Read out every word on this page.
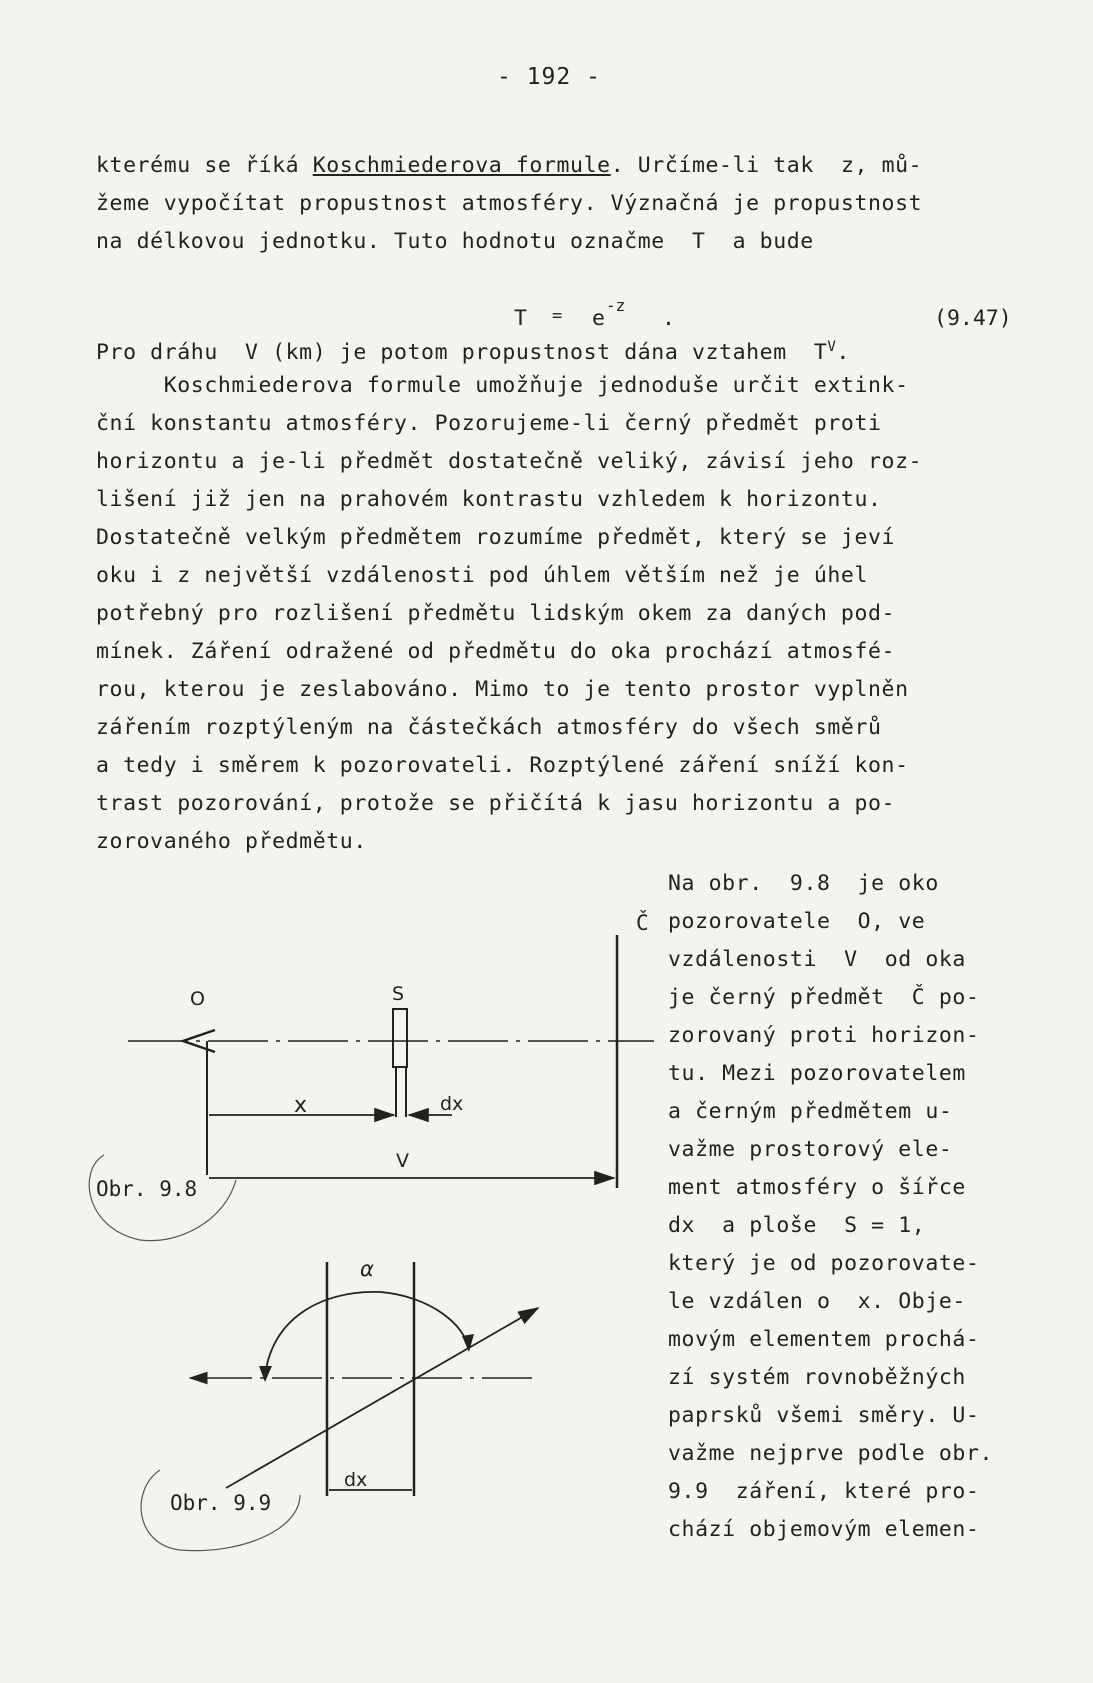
- 192 -
kterému se říká Koschmiederova formule. Určíme-li tak  z, mů-
žeme vypočítat propustnost atmosféry. Význačná je propustnost
na délkovou jednotku. Tuto hodnotu označme  T  a bude
T = e
-z
.	(9.47)
Pro dráhu  V (km) je potom propustnost dána vztahem  $T^V$.
Koschmiederova formule umožňuje jednoduše určit extink-
ční konstantu atmosféry. Pozorujeme-li černý předmět proti
horizontu a je-li předmět dostatečně veliký, závisí jeho roz-
lišení již jen na prahovém kontrastu vzhledem k horizontu.
Dostatečně velkým předmětem rozumíme předmět, který se jeví
oku i z největší vzdálenosti pod úhlem větším než je úhel
potřebný pro rozlišení předmětu lidským okem za daných pod-
mínek. Záření odražené od předmětu do oka prochází atmosfé-
rou, kterou je zeslabováno. Mimo to je tento prostor vyplněn
zářením rozptýleným na částečkách atmosféry do všech směrů
a tedy i směrem k pozorovateli. Rozptýlené záření sníží kon-
trast pozorování, protože se přičítá k jasu horizontu a po-
zorovaného předmětu.
Na obr.  9.8  je oko
pozorovatele  O, ve
vzdálenosti  V  od oka
je černý předmět  Č po-
zorovaný proti horizon-
tu. Mezi pozorovatelem
a černým předmětem u-
važme prostorový ele-
ment atmosféry o šířce
dx  a ploše  S = 1,
který je od pozorovate-
le vzdálen o  x. Obje-
movým elementem prochá-
zí systém rovnoběžných
paprsků všemi směry. U-
važme nejprve podle obr.
9.9  záření, které pro-
chází objemovým elemen-
O	S
Č
x	dx
V
Obr. 9.8
α
dx
Obr. 9.9
